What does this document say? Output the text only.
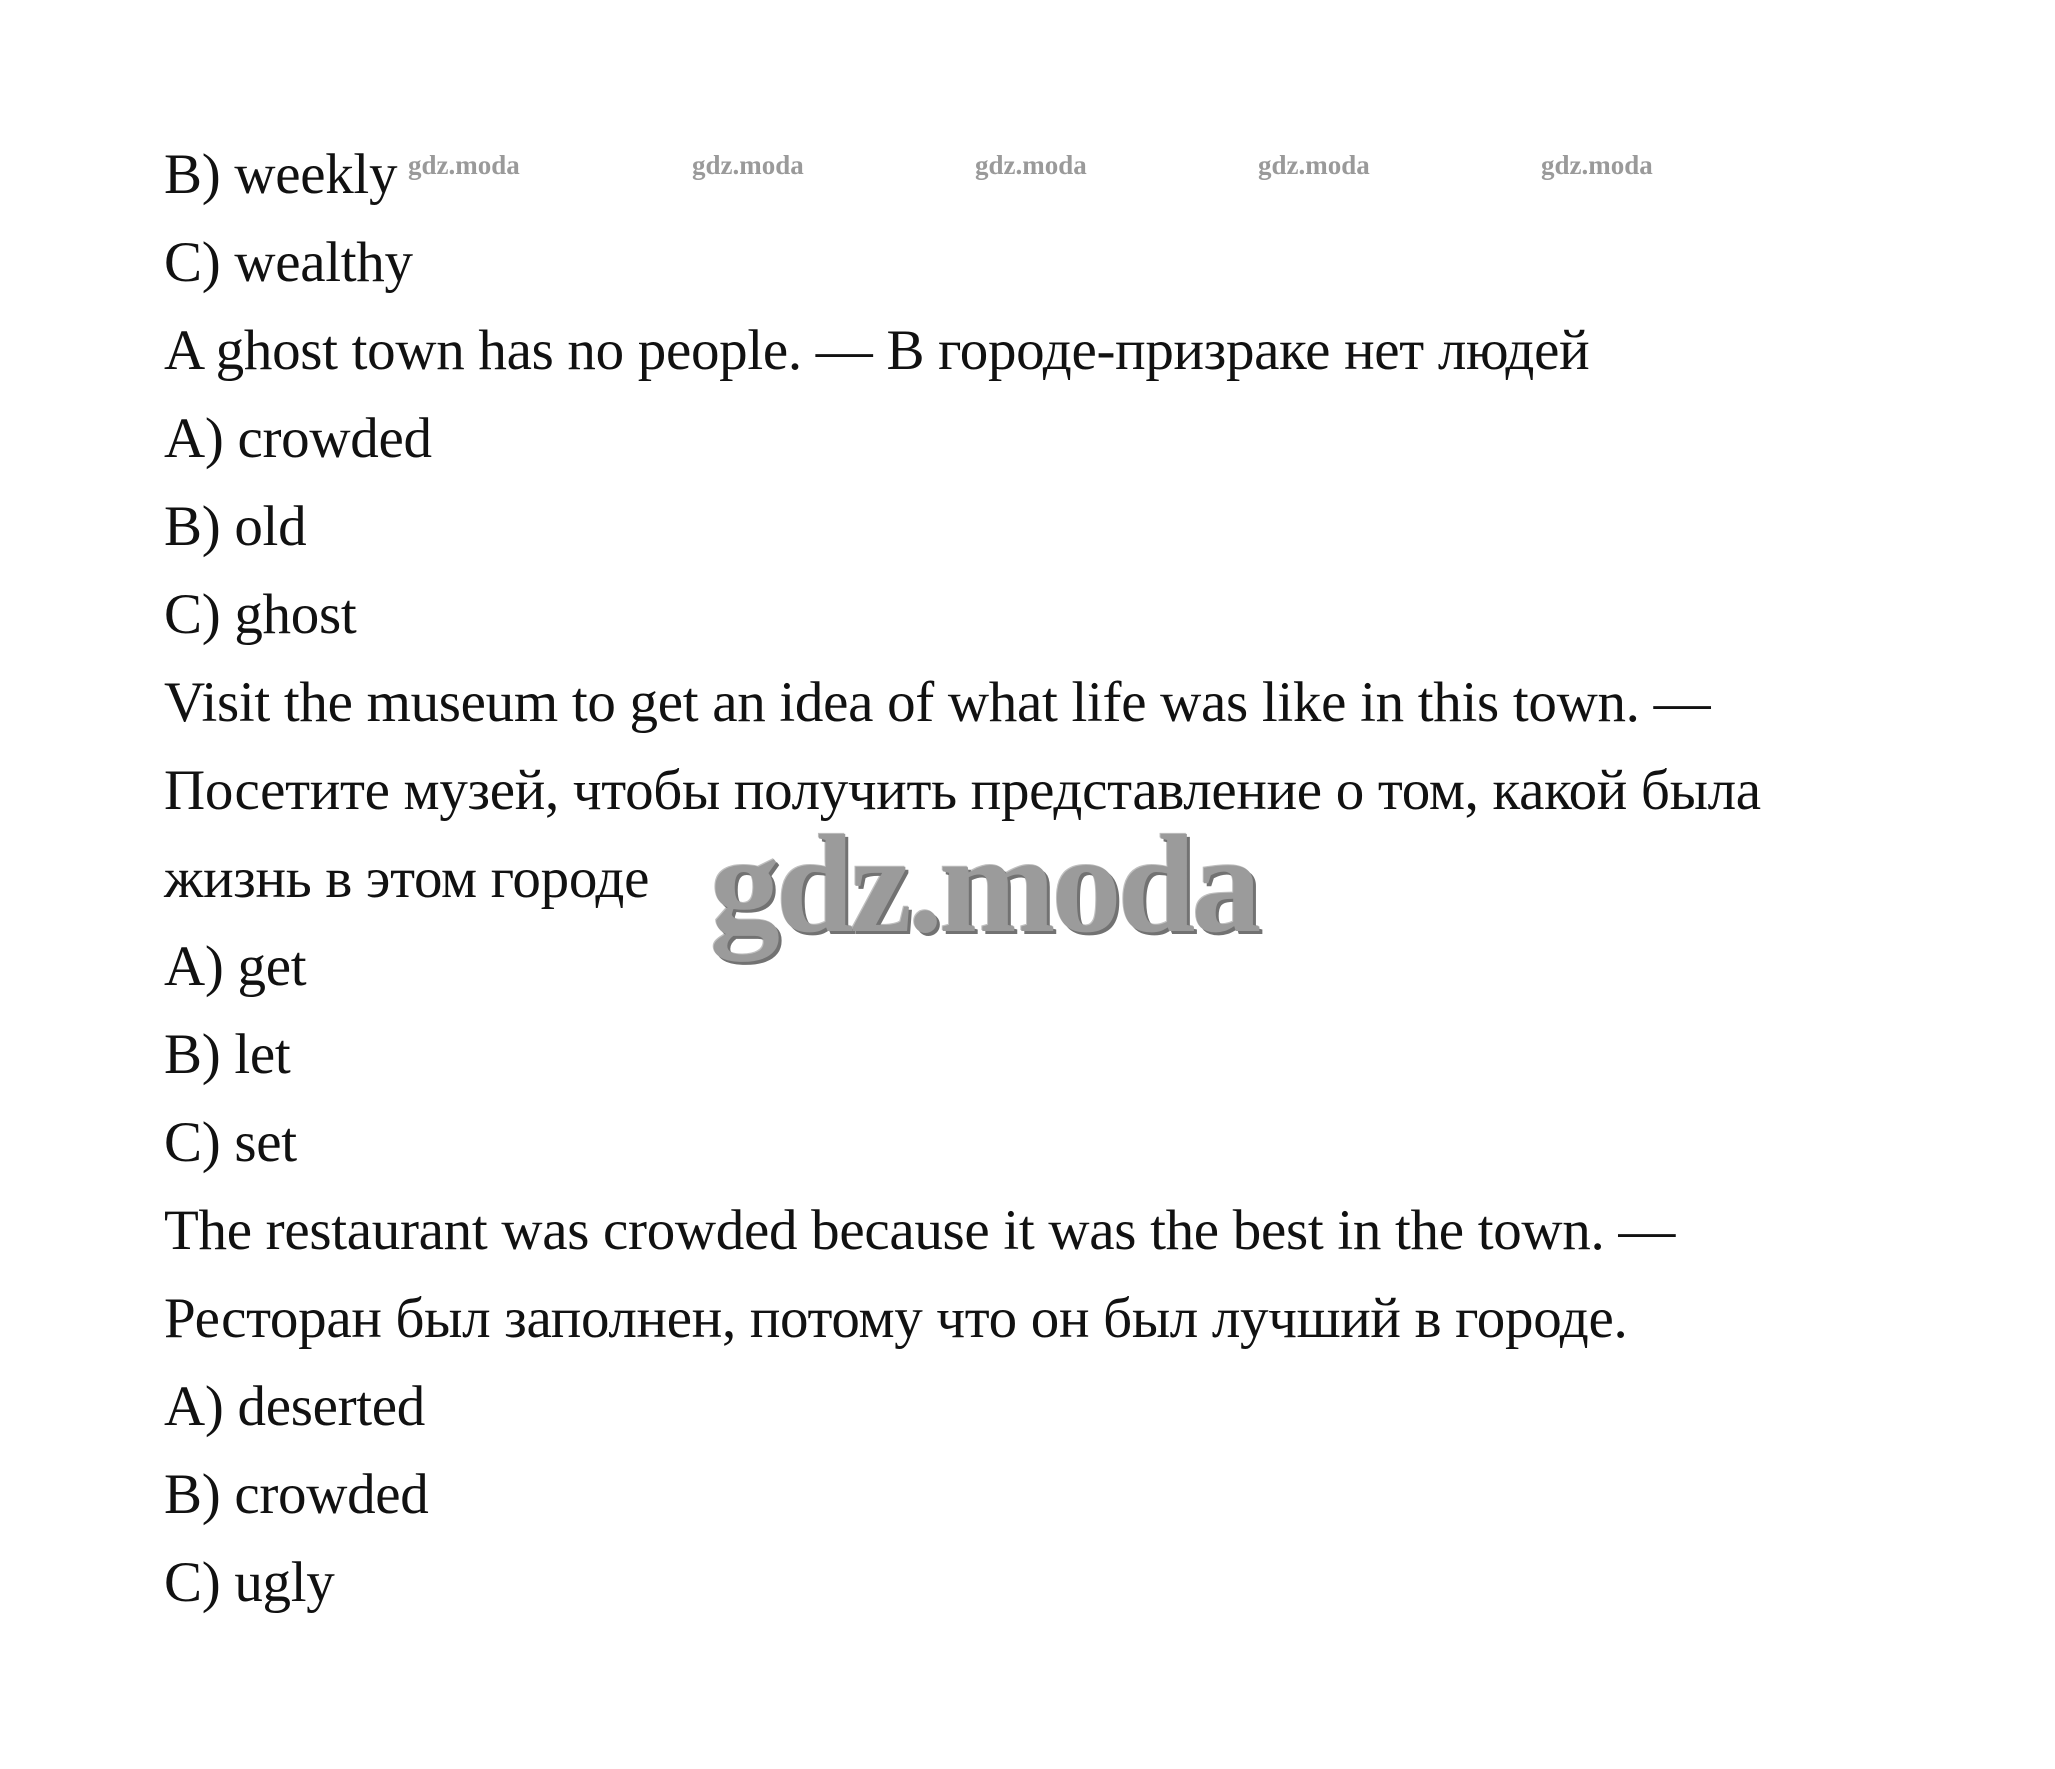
B) weekly
C) wealthy
A ghost town has no people. — В городе-призраке нет людей
A) crowded
B) old
C) ghost
Visit the museum to get an idea of what life was like in this town. —
Посетите музей, чтобы получить представление о том, какой была
жизнь в этом городе
A) get
B) let
C) set
The restaurant was crowded because it was the best in the town. —
Ресторан был заполнен, потому что он был лучший в городе.
A) deserted
B) crowded
C) ugly
gdz.moda	gdz.moda	gdz.moda	gdz.moda	gdz.moda
gdz.moda
